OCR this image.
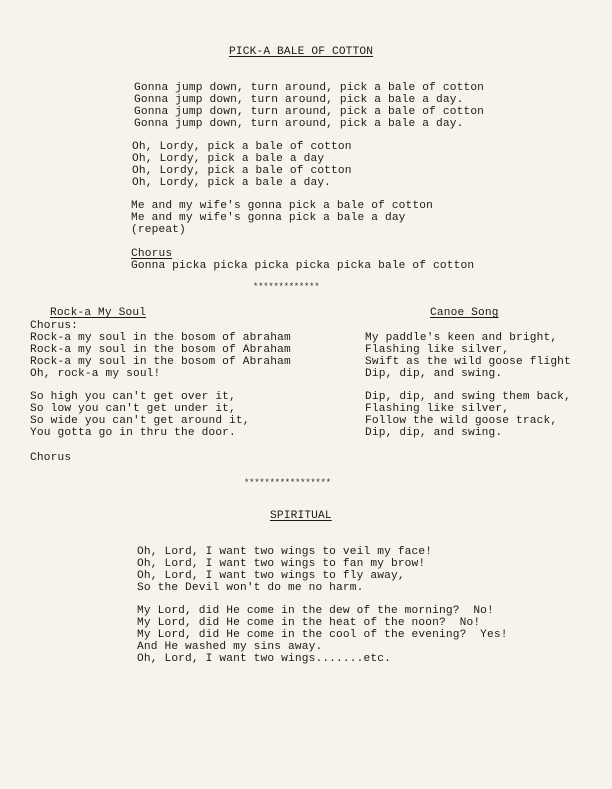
PICK-A BALE OF COTTON
Gonna jump down, turn around, pick a bale of cotton
Gonna jump down, turn around, pick a bale a day.
Gonna jump down, turn around, pick a bale of cotton
Gonna jump down, turn around, pick a bale a day.
Oh, Lordy, pick a bale of cotton
Oh, Lordy, pick a bale a day
Oh, Lordy, pick a bale of cotton
Oh, Lordy, pick a bale a day.
Me and my wife's gonna pick a bale of cotton
Me and my wife's gonna pick a bale a day
(repeat)
Chorus
Gonna picka picka picka picka picka bale of cotton
*************
Rock-a My Soul
Chorus:
Rock-a my soul in the bosom of abraham
Rock-a my soul in the bosom of Abraham
Rock-a my soul in the bosom of Abraham
Oh, rock-a my soul!
So high you can't get over it,
So low you can't get under it,
So wide you can't get around it,
You gotta go in thru the door.
Chorus
Canoe Song
My paddle's keen and bright,
Flashing like silver,
Swift as the wild goose flight
Dip, dip, and swing.
Dip, dip, and swing them back,
Flashing like silver,
Follow the wild goose track,
Dip, dip, and swing.
*****************
SPIRITUAL
Oh, Lord, I want two wings to veil my face!
Oh, Lord, I want two wings to fan my brow!
Oh, Lord, I want two wings to fly away,
So the Devil won't do me no harm.
My Lord, did He come in the dew of the morning?  No!
My Lord, did He come in the heat of the noon?  No!
My Lord, did He come in the cool of the evening?  Yes!
And He washed my sins away.
Oh, Lord, I want two wings.......etc.
